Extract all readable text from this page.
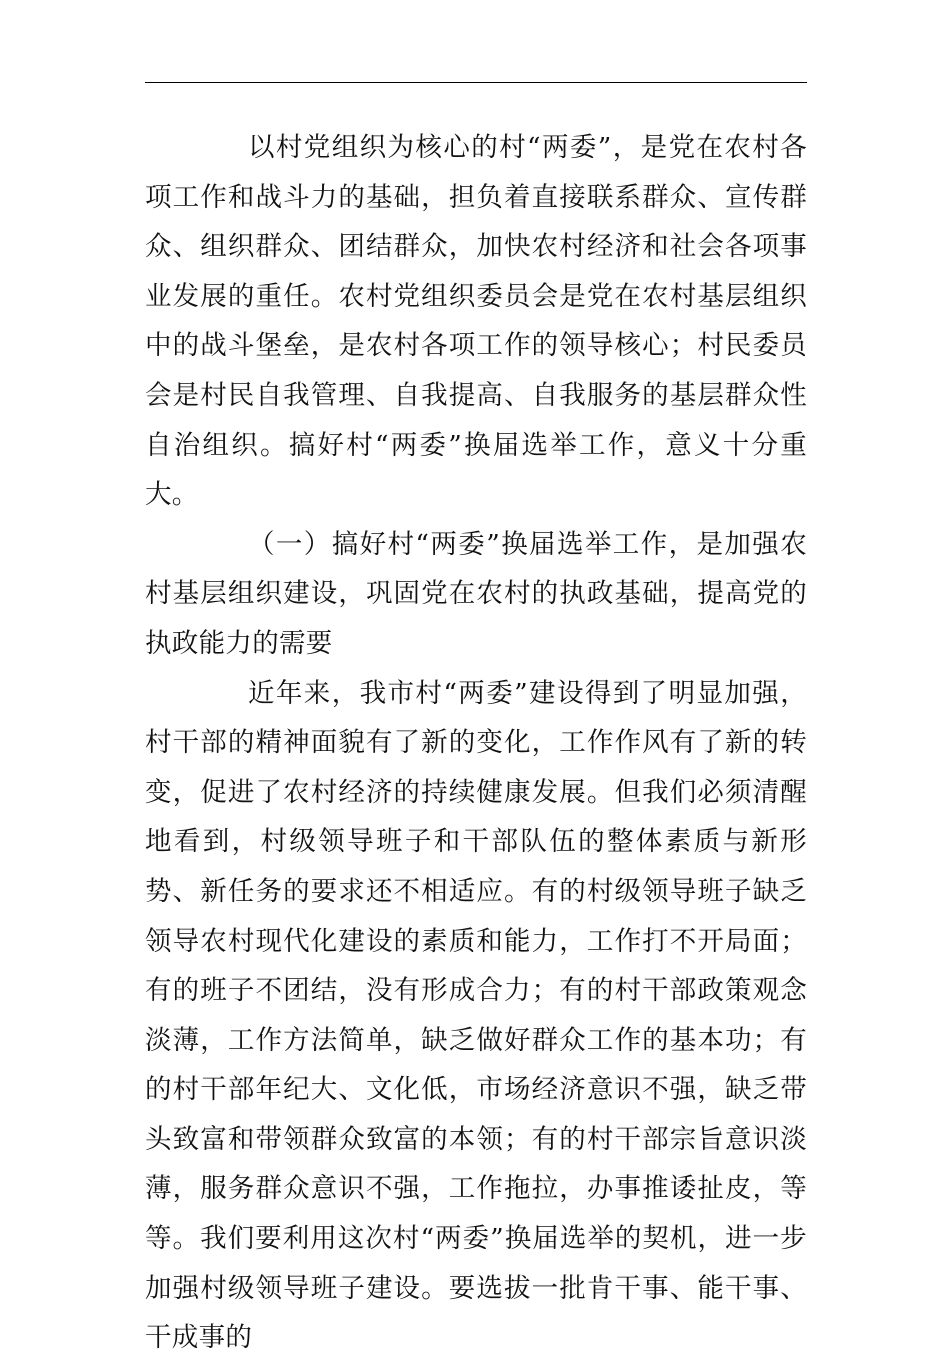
以村党组织为核心的村“两委”，是党在农村各项工作和战斗力的基础，担负着直接联系群众、宣传群众、组织群众、团结群众，加快农村经济和社会各项事业发展的重任。农村党组织委员会是党在农村基层组织中的战斗堡垒，是农村各项工作的领导核心；村民委员会是村民自我管理、自我提高、自我服务的基层群众性自治组织。搞好村“两委”换届选举工作，意义十分重大。

（一）搞好村“两委”换届选举工作，是加强农村基层组织建设，巩固党在农村的执政基础，提高党的执政能力的需要

近年来，我市村“两委”建设得到了明显加强，村干部的精神面貌有了新的变化，工作作风有了新的转变，促进了农村经济的持续健康发展。但我们必须清醒地看到，村级领导班子和干部队伍的整体素质与新形势、新任务的要求还不相适应。有的村级领导班子缺乏领导农村现代化建设的素质和能力，工作打不开局面；有的班子不团结，没有形成合力；有的村干部政策观念淡薄，工作方法简单，缺乏做好群众工作的基本功；有的村干部年纪大、文化低，市场经济意识不强，缺乏带头致富和带领群众致富的本领；有的村干部宗旨意识淡薄，服务群众意识不强，工作拖拉，办事推诿扯皮，等等。我们要利用这次村“两委”换届选举的契机，进一步加强村级领导班子建设。要选拔一批肯干事、能干事、干成事的
